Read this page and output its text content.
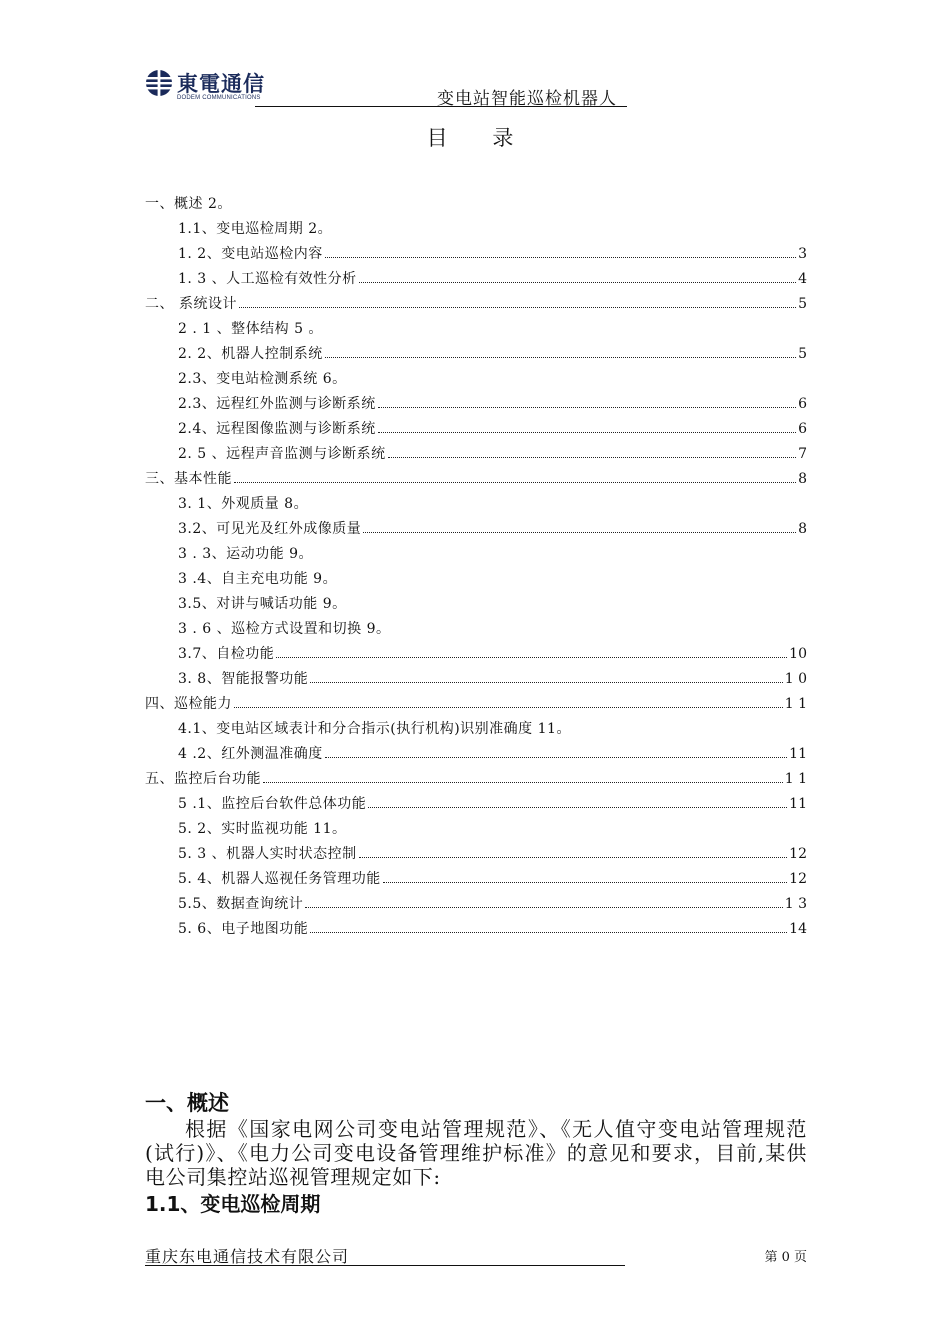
東電通信
DODEM COMMUNICATIONS	变电站智能巡检机器人
目 录
一、概述 2。
1.1、变电巡检周期 2。
1. 2、变电站巡检内容	3
1. 3 、人工巡检有效性分析	4
二、 系统设计	5
2 . 1 、整体结构 5 。
2. 2、机器人控制系统	5
2.3、变电站检测系统 6。
2.3、远程红外监测与诊断系统	6
2.4、远程图像监测与诊断系统	6
2. 5 、远程声音监测与诊断系统	7
三、基本性能	8
3. 1、外观质量 8。
3.2、可见光及红外成像质量	8
3 . 3、运动功能 9。
3 .4、自主充电功能 9。
3.5、对讲与喊话功能 9。
3 . 6 、巡检方式设置和切换 9。
3.7、自检功能	10
3. 8、智能报警功能	1 0
四、巡检能力	1 1
4.1、变电站区域表计和分合指示(执行机构)识别准确度 11。
4 .2、红外测温准确度	11
五、监控后台功能	1 1
5 .1、监控后台软件总体功能	11
5. 2、实时监视功能 11。
5. 3 、机器人实时状态控制	12
5. 4、机器人巡视任务管理功能	12
5.5、数据查询统计	1 3
5. 6、电子地图功能	14
一、概述
根据《国家电网公司变电站管理规范》、《无人值守变电站管理规范(试行)》、《电力公司变电设备管理维护标准》的意见和要求，目前,某供电公司集控站巡视管理规定如下:
1.1、变电巡检周期
重庆东电通信技术有限公司 _	第 0 页
